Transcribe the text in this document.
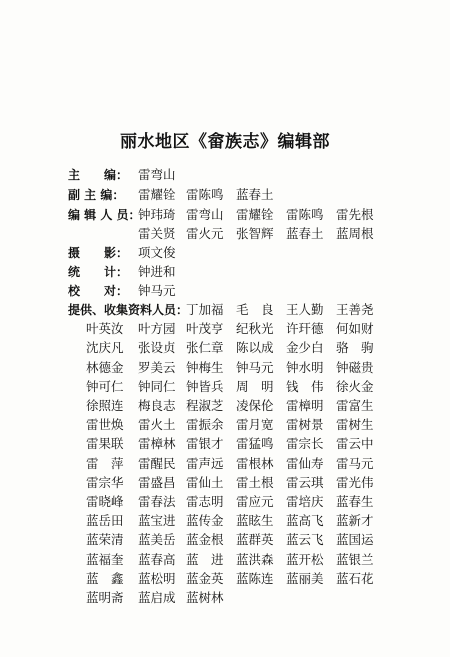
丽水地区《畲族志》编辑部
主　　编： 雷弯山
副 主 编： 雷耀铨 雷陈鸣 蓝春土
编 辑 人 员：
钟玮琦 雷弯山 雷耀铨 雷陈鸣 雷先根
雷关贤 雷火元 张智辉 蓝春土 蓝周根
摄　　影： 项文俊
统　　计： 钟进和
校　　对： 钟马元
提供、收集资料人员：
丁加福 毛　良 王人勤 王善尧
叶英汝 叶方园 叶茂亨 纪秋光 许玕德 何如财
沈庆凡 张设贞 张仁章 陈以成 金少白 骆　驹
林德金 罗美云 钟梅生 钟马元 钟水明 钟磁贵
钟可仁 钟同仁 钟皆兵 周　明 钱　伟 徐火金
徐照连 梅良志 程淑芝 凌保伦 雷樟明 雷富生
雷世焕 雷火土 雷振余 雷月宽 雷树景 雷树生
雷果联 雷樟林 雷银才 雷猛鸣 雷宗长 雷云中
雷　萍 雷醒民 雷声远 雷根林 雷仙寿 雷马元
雷宗华 雷盛昌 雷仙土 雷土根 雷云琪 雷光伟
雷晓峰 雷春法 雷志明 雷应元 雷培庆 蓝春生
蓝岳田 蓝宝进 蓝传金 蓝眩生 蓝高飞 蓝新才
蓝荣清 蓝美岳 蓝金根 蓝群英 蓝云飞 蓝国运
蓝福奎 蓝春高 蓝　进 蓝洪森 蓝开松 蓝银兰
蓝　鑫 蓝松明 蓝金英 蓝陈连 蓝丽美 蓝石花
蓝明斋 蓝启成 蓝树林
